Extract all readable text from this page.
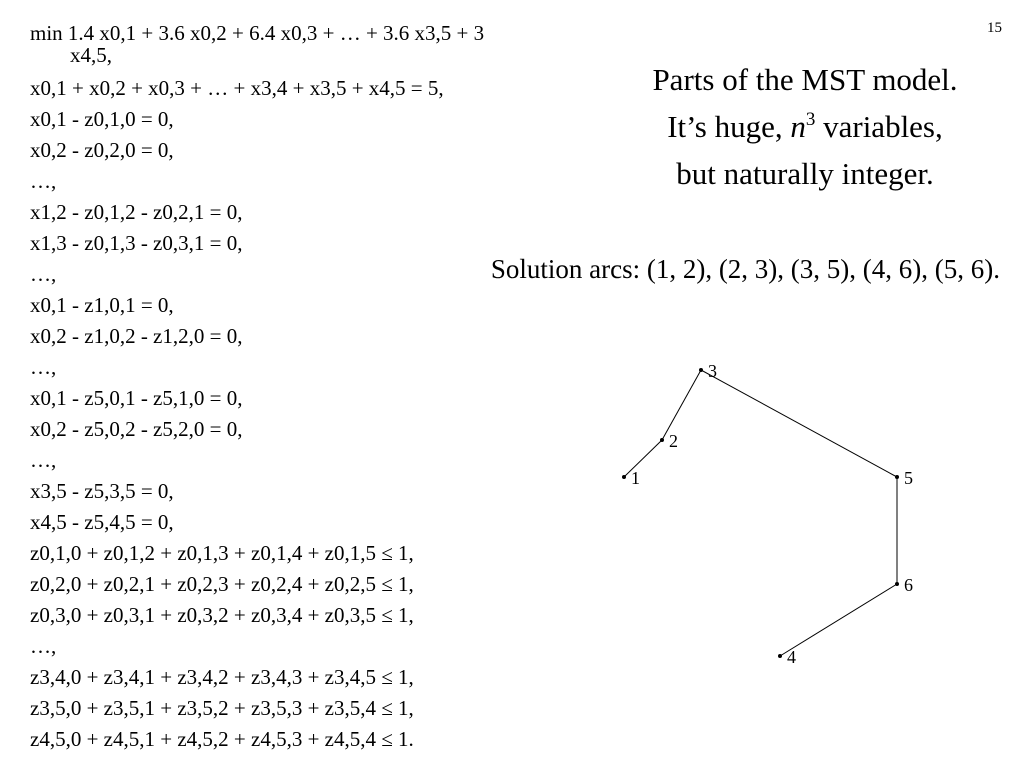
15
min 1.4 x0,1 + 3.6 x0,2 + 6.4 x0,3 + … + 3.6 x3,5 + 3
x4,5,
x0,1 + x0,2 + x0,3 + … + x3,4 + x3,5 + x4,5 = 5,
x0,1 - z0,1,0 = 0,
x0,2 - z0,2,0 = 0,
…,
x1,2 - z0,1,2 - z0,2,1 = 0,
x1,3 - z0,1,3 - z0,3,1 = 0,
…,
x0,1 - z1,0,1 = 0,
x0,2 - z1,0,2 - z1,2,0 = 0,
…,
x0,1 - z5,0,1 - z5,1,0 = 0,
x0,2 - z5,0,2 - z5,2,0 = 0,
…,
x3,5 - z5,3,5 = 0,
x4,5 - z5,4,5 = 0,
z0,1,0 + z0,1,2 + z0,1,3 + z0,1,4 + z0,1,5 ≤ 1,
z0,2,0 + z0,2,1 + z0,2,3 + z0,2,4 + z0,2,5 ≤ 1,
z0,3,0 + z0,3,1 + z0,3,2 + z0,3,4 + z0,3,5 ≤ 1,
…,
z3,4,0 + z3,4,1 + z3,4,2 + z3,4,3 + z3,4,5 ≤ 1,
z3,5,0 + z3,5,1 + z3,5,2 + z3,5,3 + z3,5,4 ≤ 1,
z4,5,0 + z4,5,1 + z4,5,2 + z4,5,3 + z4,5,4 ≤ 1.
Parts of the MST model.
It’s huge, $n^3$ variables,
but naturally integer.
Solution arcs: (1, 2), (2, 3), (3, 5), (4, 6), (5, 6).
1
2
3
4
5
6
